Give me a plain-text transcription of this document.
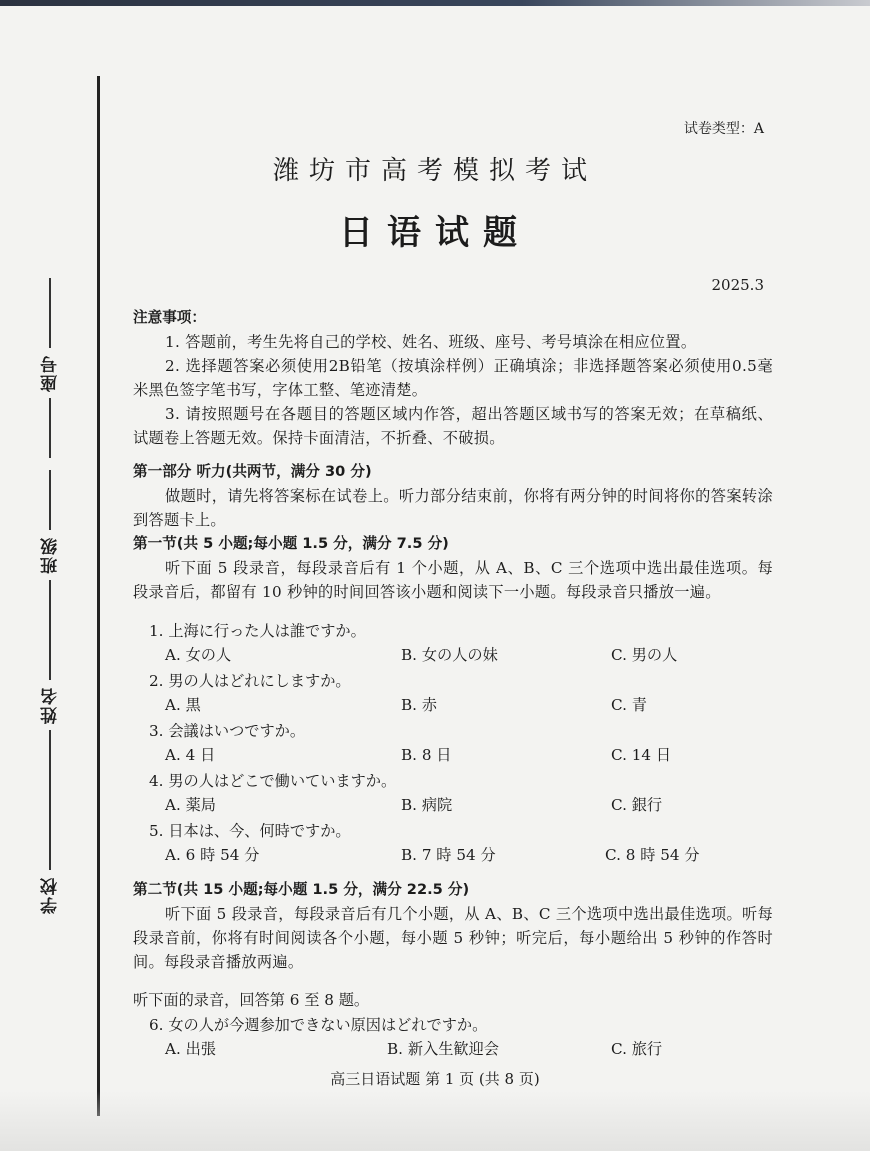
座号
班级
姓名
学校
试卷类型：A
潍坊市高考模拟考试
日语试题
2025.3
注意事项：
1. 答题前，考生先将自己的学校、姓名、班级、座号、考号填涂在相应位置。
2. 选择题答案必须使用2B铅笔（按填涂样例）正确填涂；非选择题答案必须使用0.5毫米黑色签字笔书写，字体工整、笔迹清楚。
3. 请按照题号在各题目的答题区域内作答，超出答题区域书写的答案无效；在草稿纸、试题卷上答题无效。保持卡面清洁，不折叠、不破损。
第一部分 听力(共两节，满分 30 分)
做题时，请先将答案标在试卷上。听力部分结束前，你将有两分钟的时间将你的答案转涂到答题卡上。
第一节(共 5 小题;每小题 1.5 分，满分 7.5 分)
听下面 5 段录音，每段录音后有 1 个小题，从 A、B、C 三个选项中选出最佳选项。每段录音后，都留有 10 秒钟的时间回答该小题和阅读下一小题。每段录音只播放一遍。
1. 上海に行った人は誰ですか。
A. 女の人	B. 女の人の妹	C. 男の人
2. 男の人はどれにしますか。
A. 黒	B. 赤	C. 青
3. 会議はいつですか。
A. 4 日	B. 8 日	C. 14 日
4. 男の人はどこで働いていますか。
A. 薬局	B. 病院	C. 銀行
5. 日本は、今、何時ですか。
A. 6 時 54 分	B. 7 時 54 分	C. 8 時 54 分
第二节(共 15 小题;每小题 1.5 分，满分 22.5 分)
听下面 5 段录音，每段录音后有几个小题，从 A、B、C 三个选项中选出最佳选项。听每段录音前，你将有时间阅读各个小题，每小题 5 秒钟；听完后，每小题给出 5 秒钟的作答时间。每段录音播放两遍。
听下面的录音，回答第 6 至 8 题。
6. 女の人が今週参加できない原因はどれですか。
A. 出張	B. 新入生歓迎会	C. 旅行
高三日语试题 第 1 页 (共 8 页)
